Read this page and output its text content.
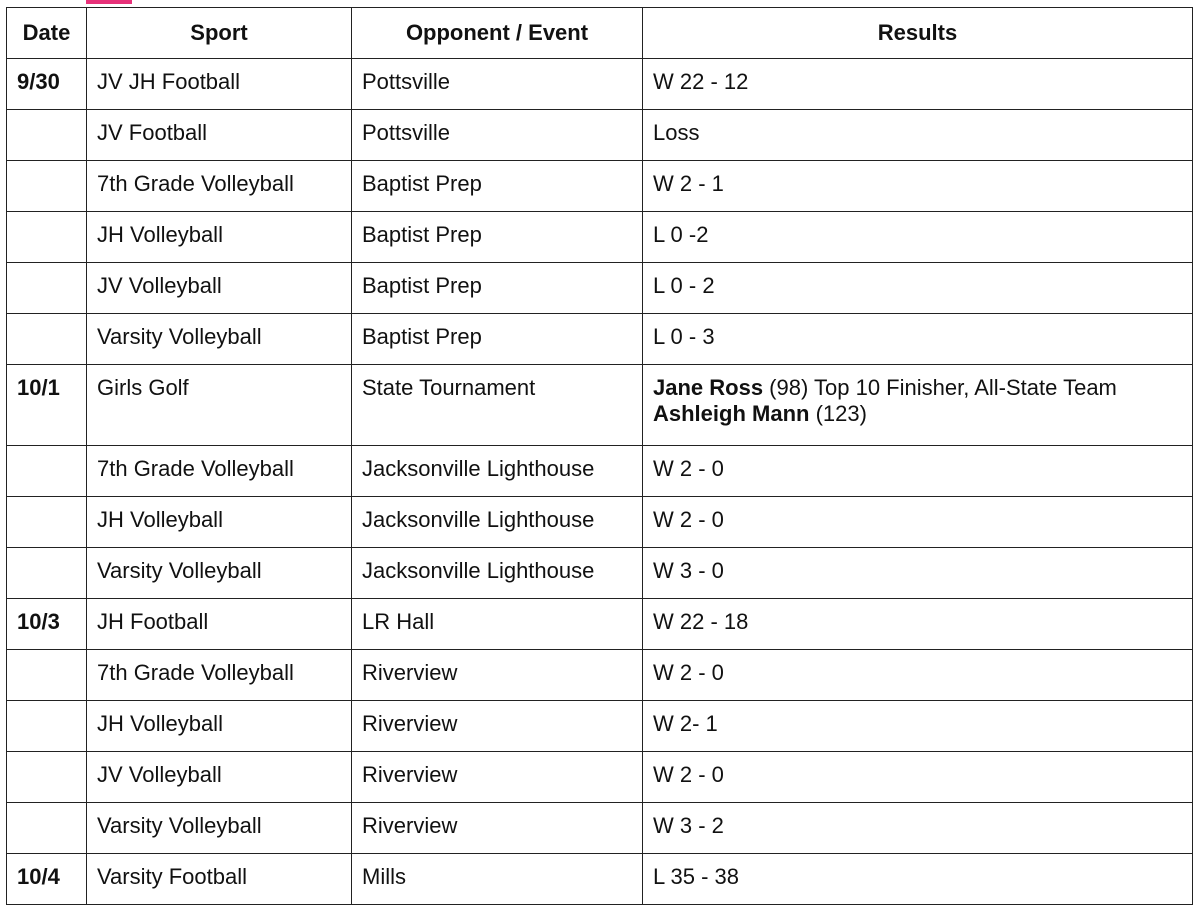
Date	Sport	Opponent / Event	Results
9/30	JV JH Football	Pottsville	W 22 - 12
	JV Football	Pottsville	Loss
	7th Grade Volleyball	Baptist Prep	W 2 - 1
	JH Volleyball	Baptist Prep	L 0 -2
	JV Volleyball	Baptist Prep	L 0 - 2
	Varsity Volleyball	Baptist Prep	L 0 - 3
10/1	Girls Golf	State Tournament	Jane Ross (98) Top 10 Finisher, All-State Team
Ashleigh Mann (123)

	7th Grade Volleyball	Jacksonville Lighthouse	W 2 - 0
	JH Volleyball	Jacksonville Lighthouse	W 2 - 0
	Varsity Volleyball	Jacksonville Lighthouse	W 3 - 0
10/3	JH Football	LR Hall	W 22 - 18
	7th Grade Volleyball	Riverview	W 2 - 0
	JH Volleyball	Riverview	W 2- 1
	JV Volleyball	Riverview	W 2 - 0
	Varsity Volleyball	Riverview	W 3 - 2
10/4	Varsity Football	Mills	L 35 - 38
